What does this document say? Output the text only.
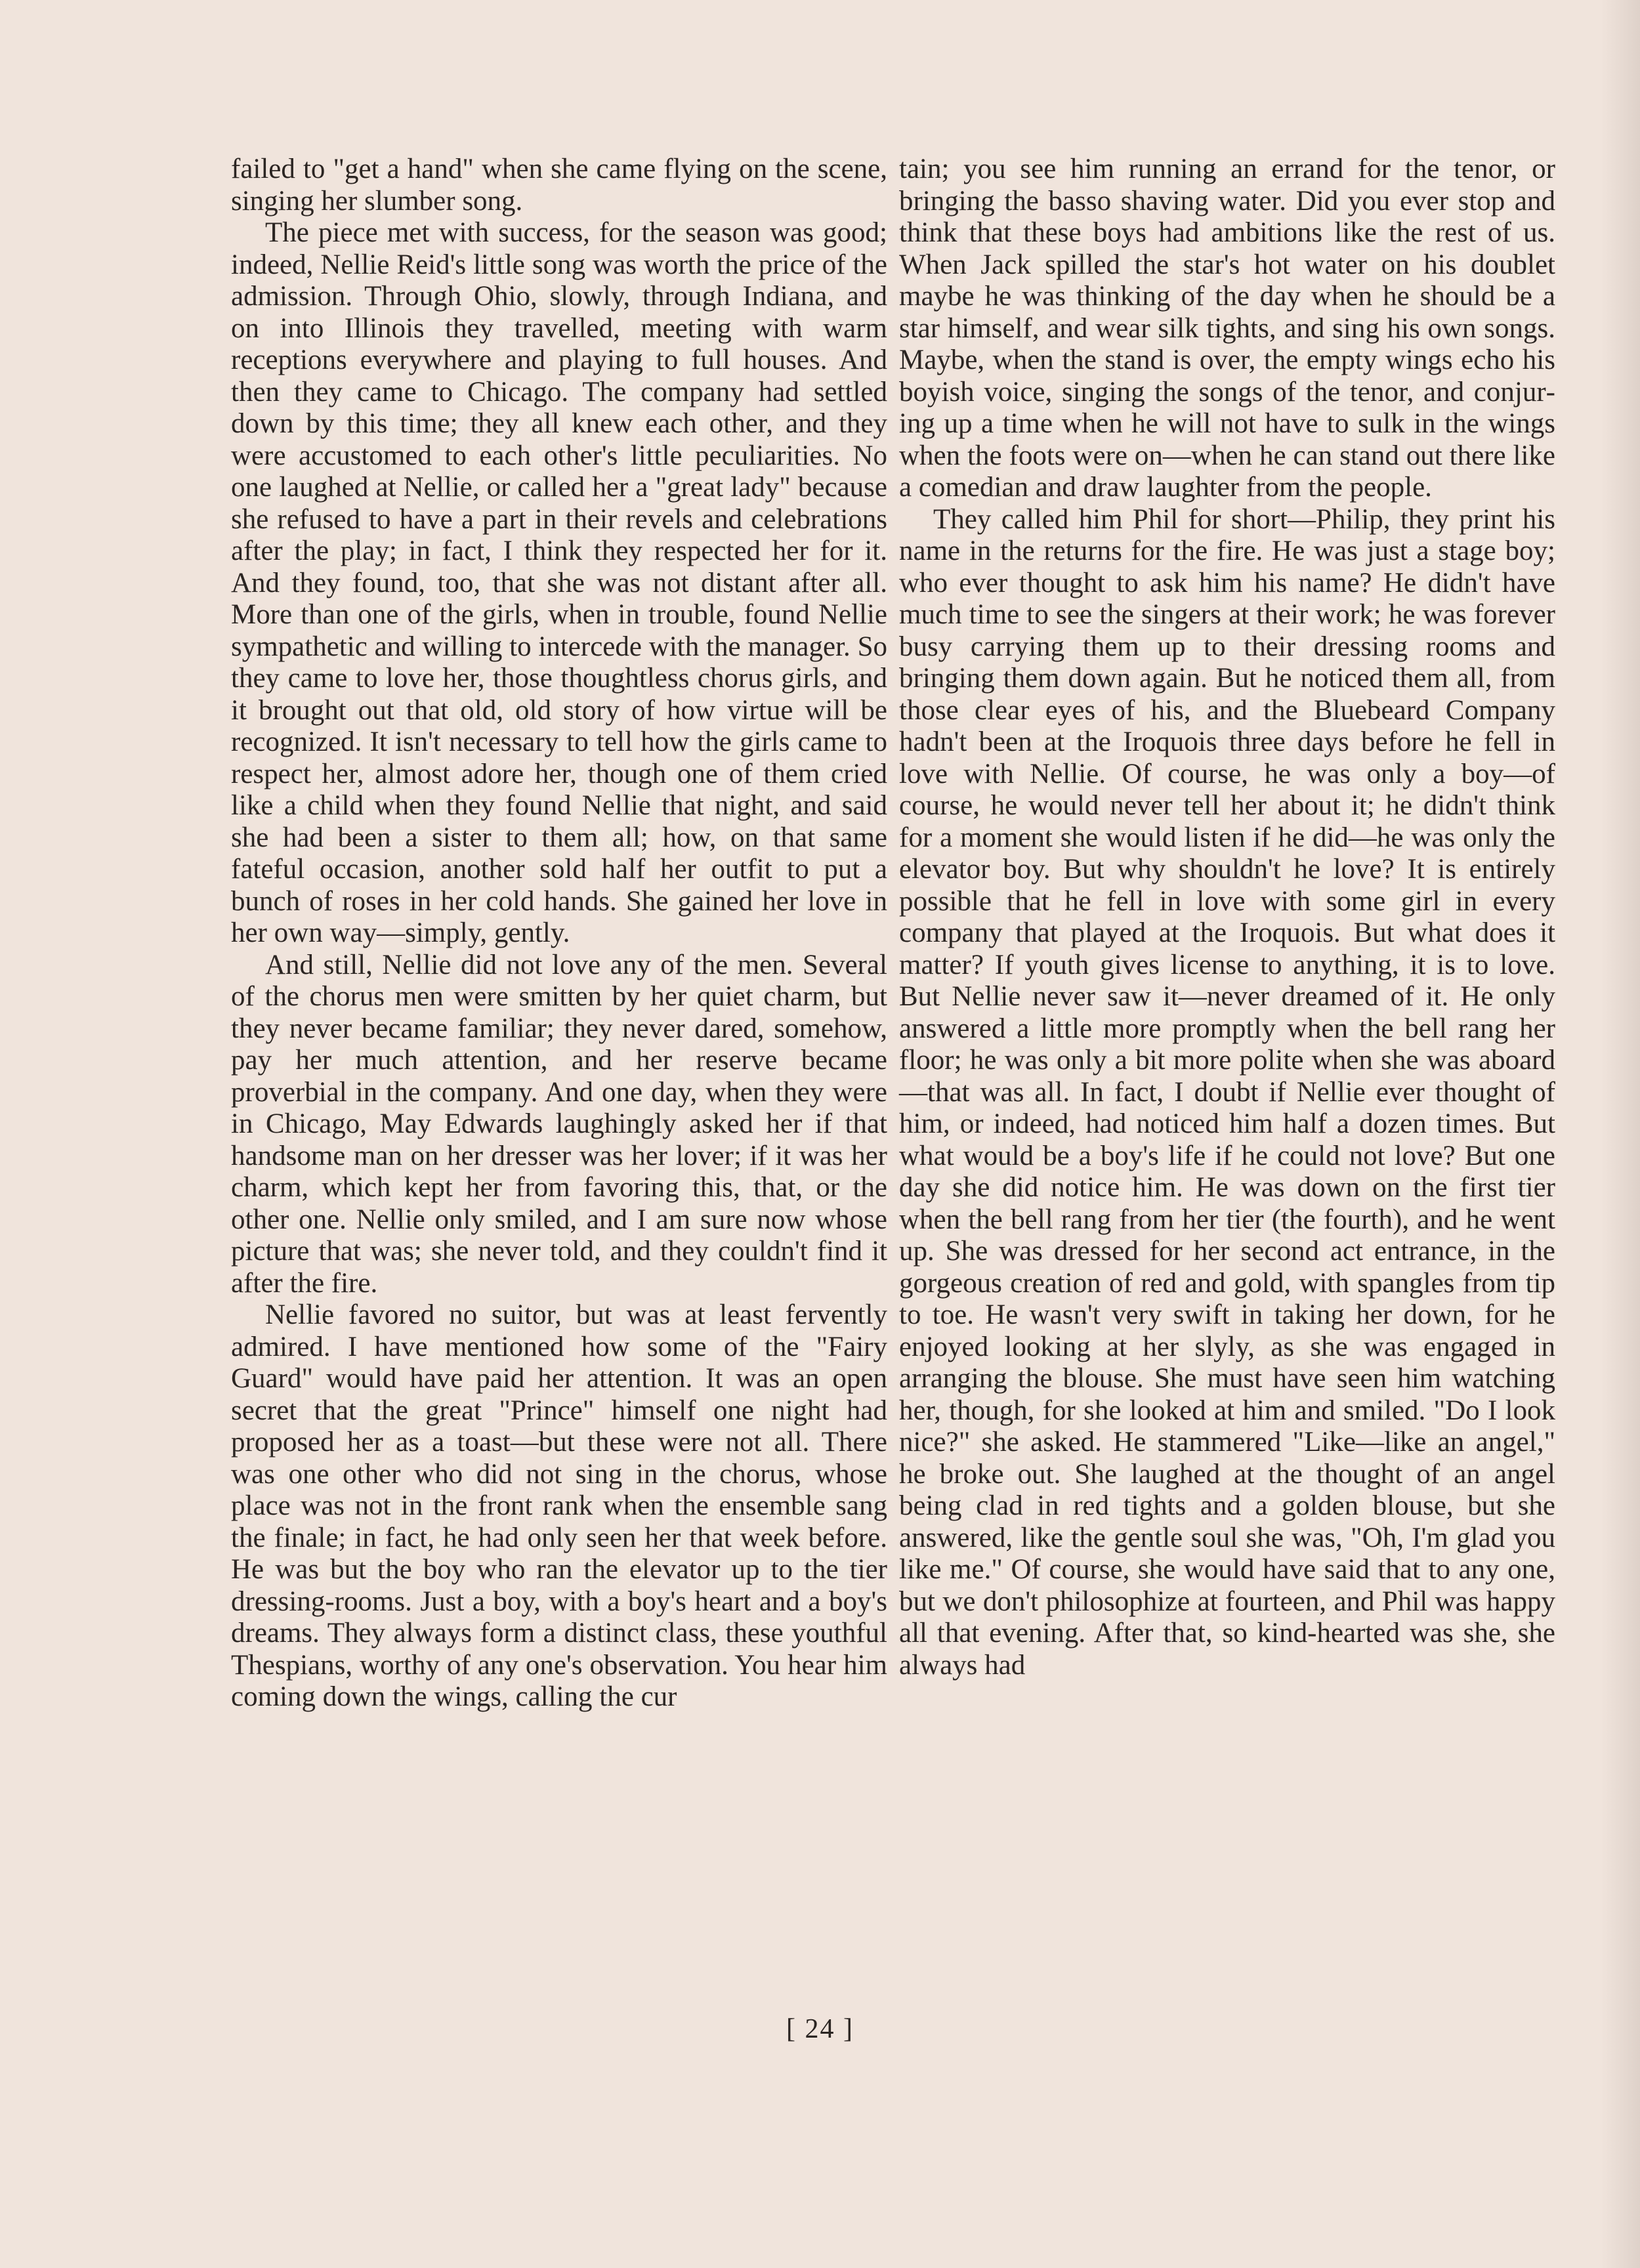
failed to "get a hand" when she came flying on the scene, singing her slumber song.

The piece met with success, for the season was good; indeed, Nellie Reid's little song was worth the price of the admission. Through Ohio, slowly, through Indiana, and on into Illinois they travelled, meeting with warm receptions everywhere and playing to full houses. And then they came to Chicago. The company had settled down by this time; they all knew each other, and they were accustomed to each other's little peculiarities. No one laughed at Nellie, or called her a "great lady" because she refused to have a part in their revels and celebrations after the play; in fact, I think they respected her for it. And they found, too, that she was not distant after all. More than one of the girls, when in trouble, found Nellie sympathetic and willing to intercede with the manager. So they came to love her, those thoughtless chorus girls, and it brought out that old, old story of how virtue will be recognized. It isn't necessary to tell how the girls came to respect her, almost adore her, though one of them cried like a child when they found Nellie that night, and said she had been a sister to them all; how, on that same fateful occasion, another sold half her outfit to put a bunch of roses in her cold hands. She gained her love in her own way—simply, gently.

And still, Nellie did not love any of the men. Several of the chorus men were smitten by her quiet charm, but they never became familiar; they never dared, somehow, pay her much attention, and her reserve became proverbial in the company. And one day, when they were in Chicago, May Edwards laughingly asked her if that handsome man on her dresser was her lover; if it was her charm, which kept her from favoring this, that, or the other one. Nellie only smiled, and I am sure now whose picture that was; she never told, and they couldn't find it after the fire.

Nellie favored no suitor, but was at least fervently admired. I have mentioned how some of the "Fairy Guard" would have paid her attention. It was an open secret that the great "Prince" himself one night had proposed her as a toast—but these were not all. There was one other who did not sing in the chorus, whose place was not in the front rank when the ensemble sang the finale; in fact, he had only seen her that week before. He was but the boy who ran the elevator up to the tier dressing-rooms. Just a boy, with a boy's heart and a boy's dreams. They always form a distinct class, these youthful Thespians, worthy of any one's observation. You hear him coming down the wings, calling the cur

tain; you see him running an errand for the tenor, or bringing the basso shaving water. Did you ever stop and think that these boys had ambitions like the rest of us. When Jack spilled the star's hot water on his doublet maybe he was thinking of the day when he should be a star himself, and wear silk tights, and sing his own songs. Maybe, when the stand is over, the empty wings echo his boyish voice, singing the songs of the tenor, and conjuring up a time when he will not have to sulk in the wings when the foots were on—when he can stand out there like a comedian and draw laughter from the people.

They called him Phil for short—Philip, they print his name in the returns for the fire. He was just a stage boy; who ever thought to ask him his name? He didn't have much time to see the singers at their work; he was forever busy carrying them up to their dressing rooms and bringing them down again. But he noticed them all, from those clear eyes of his, and the Bluebeard Company hadn't been at the Iroquois three days before he fell in love with Nellie. Of course, he was only a boy—of course, he would never tell her about it; he didn't think for a moment she would listen if he did—he was only the elevator boy. But why shouldn't he love? It is entirely possible that he fell in love with some girl in every company that played at the Iroquois. But what does it matter? If youth gives license to anything, it is to love. But Nellie never saw it—never dreamed of it. He only answered a little more promptly when the bell rang her floor; he was only a bit more polite when she was aboard—that was all. In fact, I doubt if Nellie ever thought of him, or indeed, had noticed him half a dozen times. But what would be a boy's life if he could not love? But one day she did notice him. He was down on the first tier when the bell rang from her tier (the fourth), and he went up. She was dressed for her second act entrance, in the gorgeous creation of red and gold, with spangles from tip to toe. He wasn't very swift in taking her down, for he enjoyed looking at her slyly, as she was engaged in arranging the blouse. She must have seen him watching her, though, for she looked at him and smiled. "Do I look nice?" she asked. He stammered "Like—like an angel," he broke out. She laughed at the thought of an angel being clad in red tights and a golden blouse, but she answered, like the gentle soul she was, "Oh, I'm glad you like me." Of course, she would have said that to any one, but we don't philosophize at fourteen, and Phil was happy all that evening. After that, so kind-hearted was she, she always had

[ 24 ]
